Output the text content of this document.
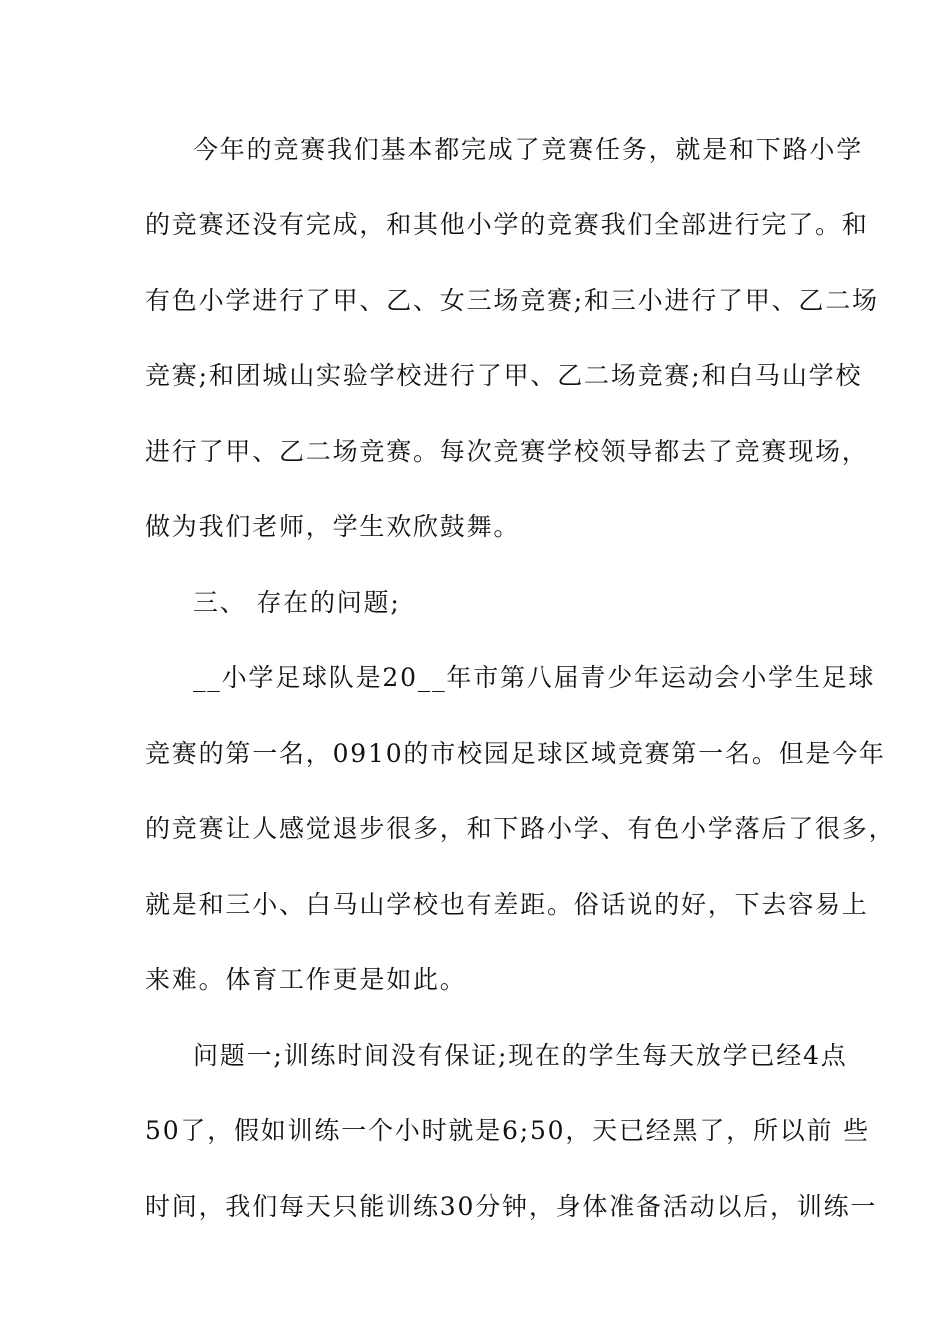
今年的竞赛我们基本都完成了竞赛任务，就是和下路小学
的竞赛还没有完成，和其他小学的竞赛我们全部进行完了。和
有色小学进行了甲、乙、女三场竞赛;和三小进行了甲、乙二场
竞赛;和团城山实验学校进行了甲、乙二场竞赛;和白马山学校
进行了甲、乙二场竞赛。每次竞赛学校领导都去了竞赛现场，
做为我们老师，学生欢欣鼓舞。
三、 存在的问题;
__小学足球队是20__年市第八届青少年运动会小学生足球
竞赛的第一名，0910的市校园足球区域竞赛第一名。但是今年
的竞赛让人感觉退步很多，和下路小学、有色小学落后了很多，
就是和三小、白马山学校也有差距。俗话说的好，下去容易上
来难。体育工作更是如此。
问题一;训练时间没有保证;现在的学生每天放学已经4点
50了，假如训练一个小时就是6;50，天已经黑了，所以前 些
时间，我们每天只能训练30分钟，身体准备活动以后，训练一
